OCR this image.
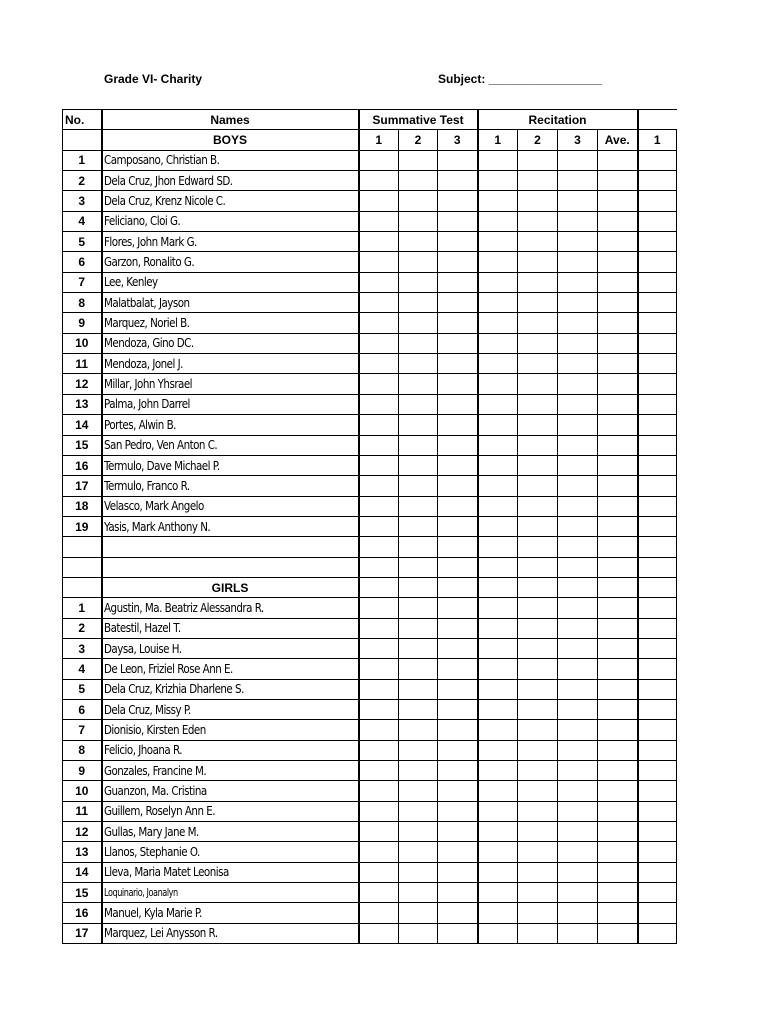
Grade VI- Charity	Subject: _________________
No.	Names	Summative Test			Recitation				
	BOYS	1	2	3	1	2	3	Ave.	1
1	Camposano, Christian B.								
2	Dela Cruz, Jhon Edward SD.								
3	Dela Cruz, Krenz Nicole C.								
4	Feliciano, Cloi G.								
5	Flores, John Mark G.								
6	Garzon, Ronalito G.								
7	Lee, Kenley								
8	Malatbalat, Jayson								
9	Marquez, Noriel B.								
10	Mendoza, Gino DC.								
11	Mendoza, Jonel J.								
12	Millar, John Yhsrael								
13	Palma, John Darrel								
14	Portes, Alwin B.								
15	San Pedro, Ven Anton C.								
16	Termulo, Dave Michael P.								
17	Termulo, Franco R.								
18	Velasco, Mark Angelo								
19	Yasis, Mark Anthony N.								

	GIRLS								
1	Agustin, Ma. Beatriz Alessandra R.								
2	Batestil, Hazel T.								
3	Daysa, Louise H.								
4	De Leon, Friziel Rose Ann E.								
5	Dela Cruz, Krizhia Dharlene S.								
6	Dela Cruz, Missy P.								
7	Dionisio, Kirsten Eden								
8	Felicio, Jhoana R.								
9	Gonzales, Francine M.								
10	Guanzon, Ma. Cristina								
11	Guillem, Roselyn Ann E.								
12	Gullas, Mary Jane M.								
13	Llanos, Stephanie O.								
14	Lleva, Maria Matet Leonisa								
15	Loquinario, Joanalyn								
16	Manuel, Kyla Marie P.								
17	Marquez, Lei Anysson R.								
